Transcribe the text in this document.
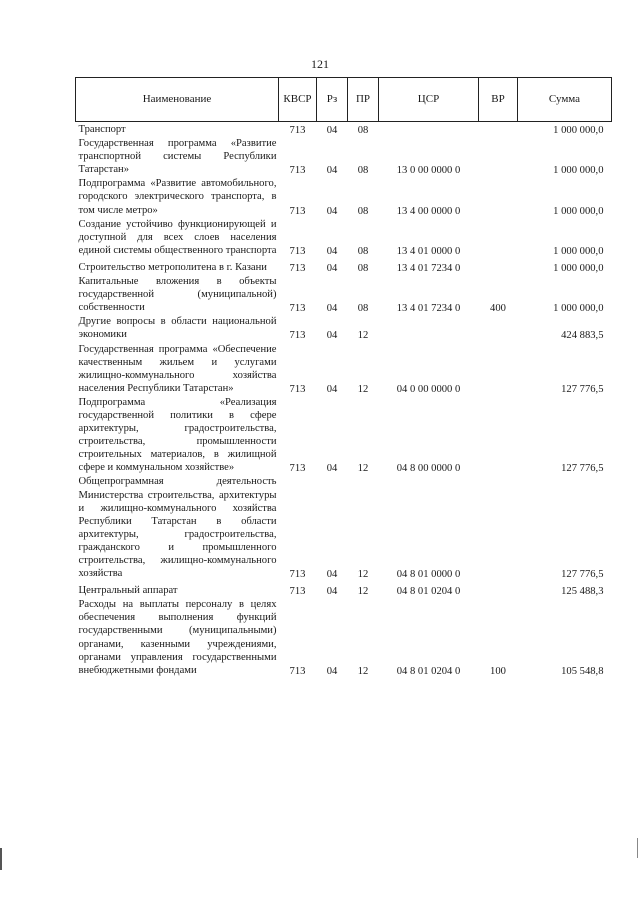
121
Наименование	КВСР	Рз	ПР	ЦСР	ВР	Сумма
Транспорт	713	04	08			1 000 000,0
Государственная программа «Развитие транспортной системы Республики Татарстан»	713	04	08	13 0 00 0000 0		1 000 000,0
Подпрограмма «Развитие автомобильного, городского электрического транспорта, в том числе метро»	713	04	08	13 4 00 0000 0		1 000 000,0
Создание устойчиво функционирующей и доступной для всех слоев населения единой системы общественного транспорта	713	04	08	13 4 01 0000 0		1 000 000,0
Строительство метрополитена в г. Казани	713	04	08	13 4 01 7234 0		1 000 000,0
Капитальные вложения в объекты государственной (муниципальной) собственности	713	04	08	13 4 01 7234 0	400	1 000 000,0
Другие вопросы в области национальной экономики	713	04	12			424 883,5
Государственная программа «Обеспечение качественным жильем и услугами жилищно-коммунального хозяйства населения Республики Татарстан»	713	04	12	04 0 00 0000 0		127 776,5
Подпрограмма «Реализация государственной политики в сфере архитектуры, градостроительства, строительства, промышленности строительных материалов, в жилищной сфере и коммунальном хозяйстве»	713	04	12	04 8 00 0000 0		127 776,5
Общепрограммная деятельность Министерства строительства, архитектуры и жилищно-коммунального хозяйства Республики Татарстан в области архитектуры, градостроительства, гражданского и промышленного строительства, жилищно-коммунального хозяйства	713	04	12	04 8 01 0000 0		127 776,5
Центральный аппарат	713	04	12	04 8 01 0204 0		125 488,3
Расходы на выплаты персоналу в целях обеспечения выполнения функций государственными (муниципальными) органами, казенными учреждениями, органами управления государственными внебюджетными фондами	713	04	12	04 8 01 0204 0	100	105 548,8
